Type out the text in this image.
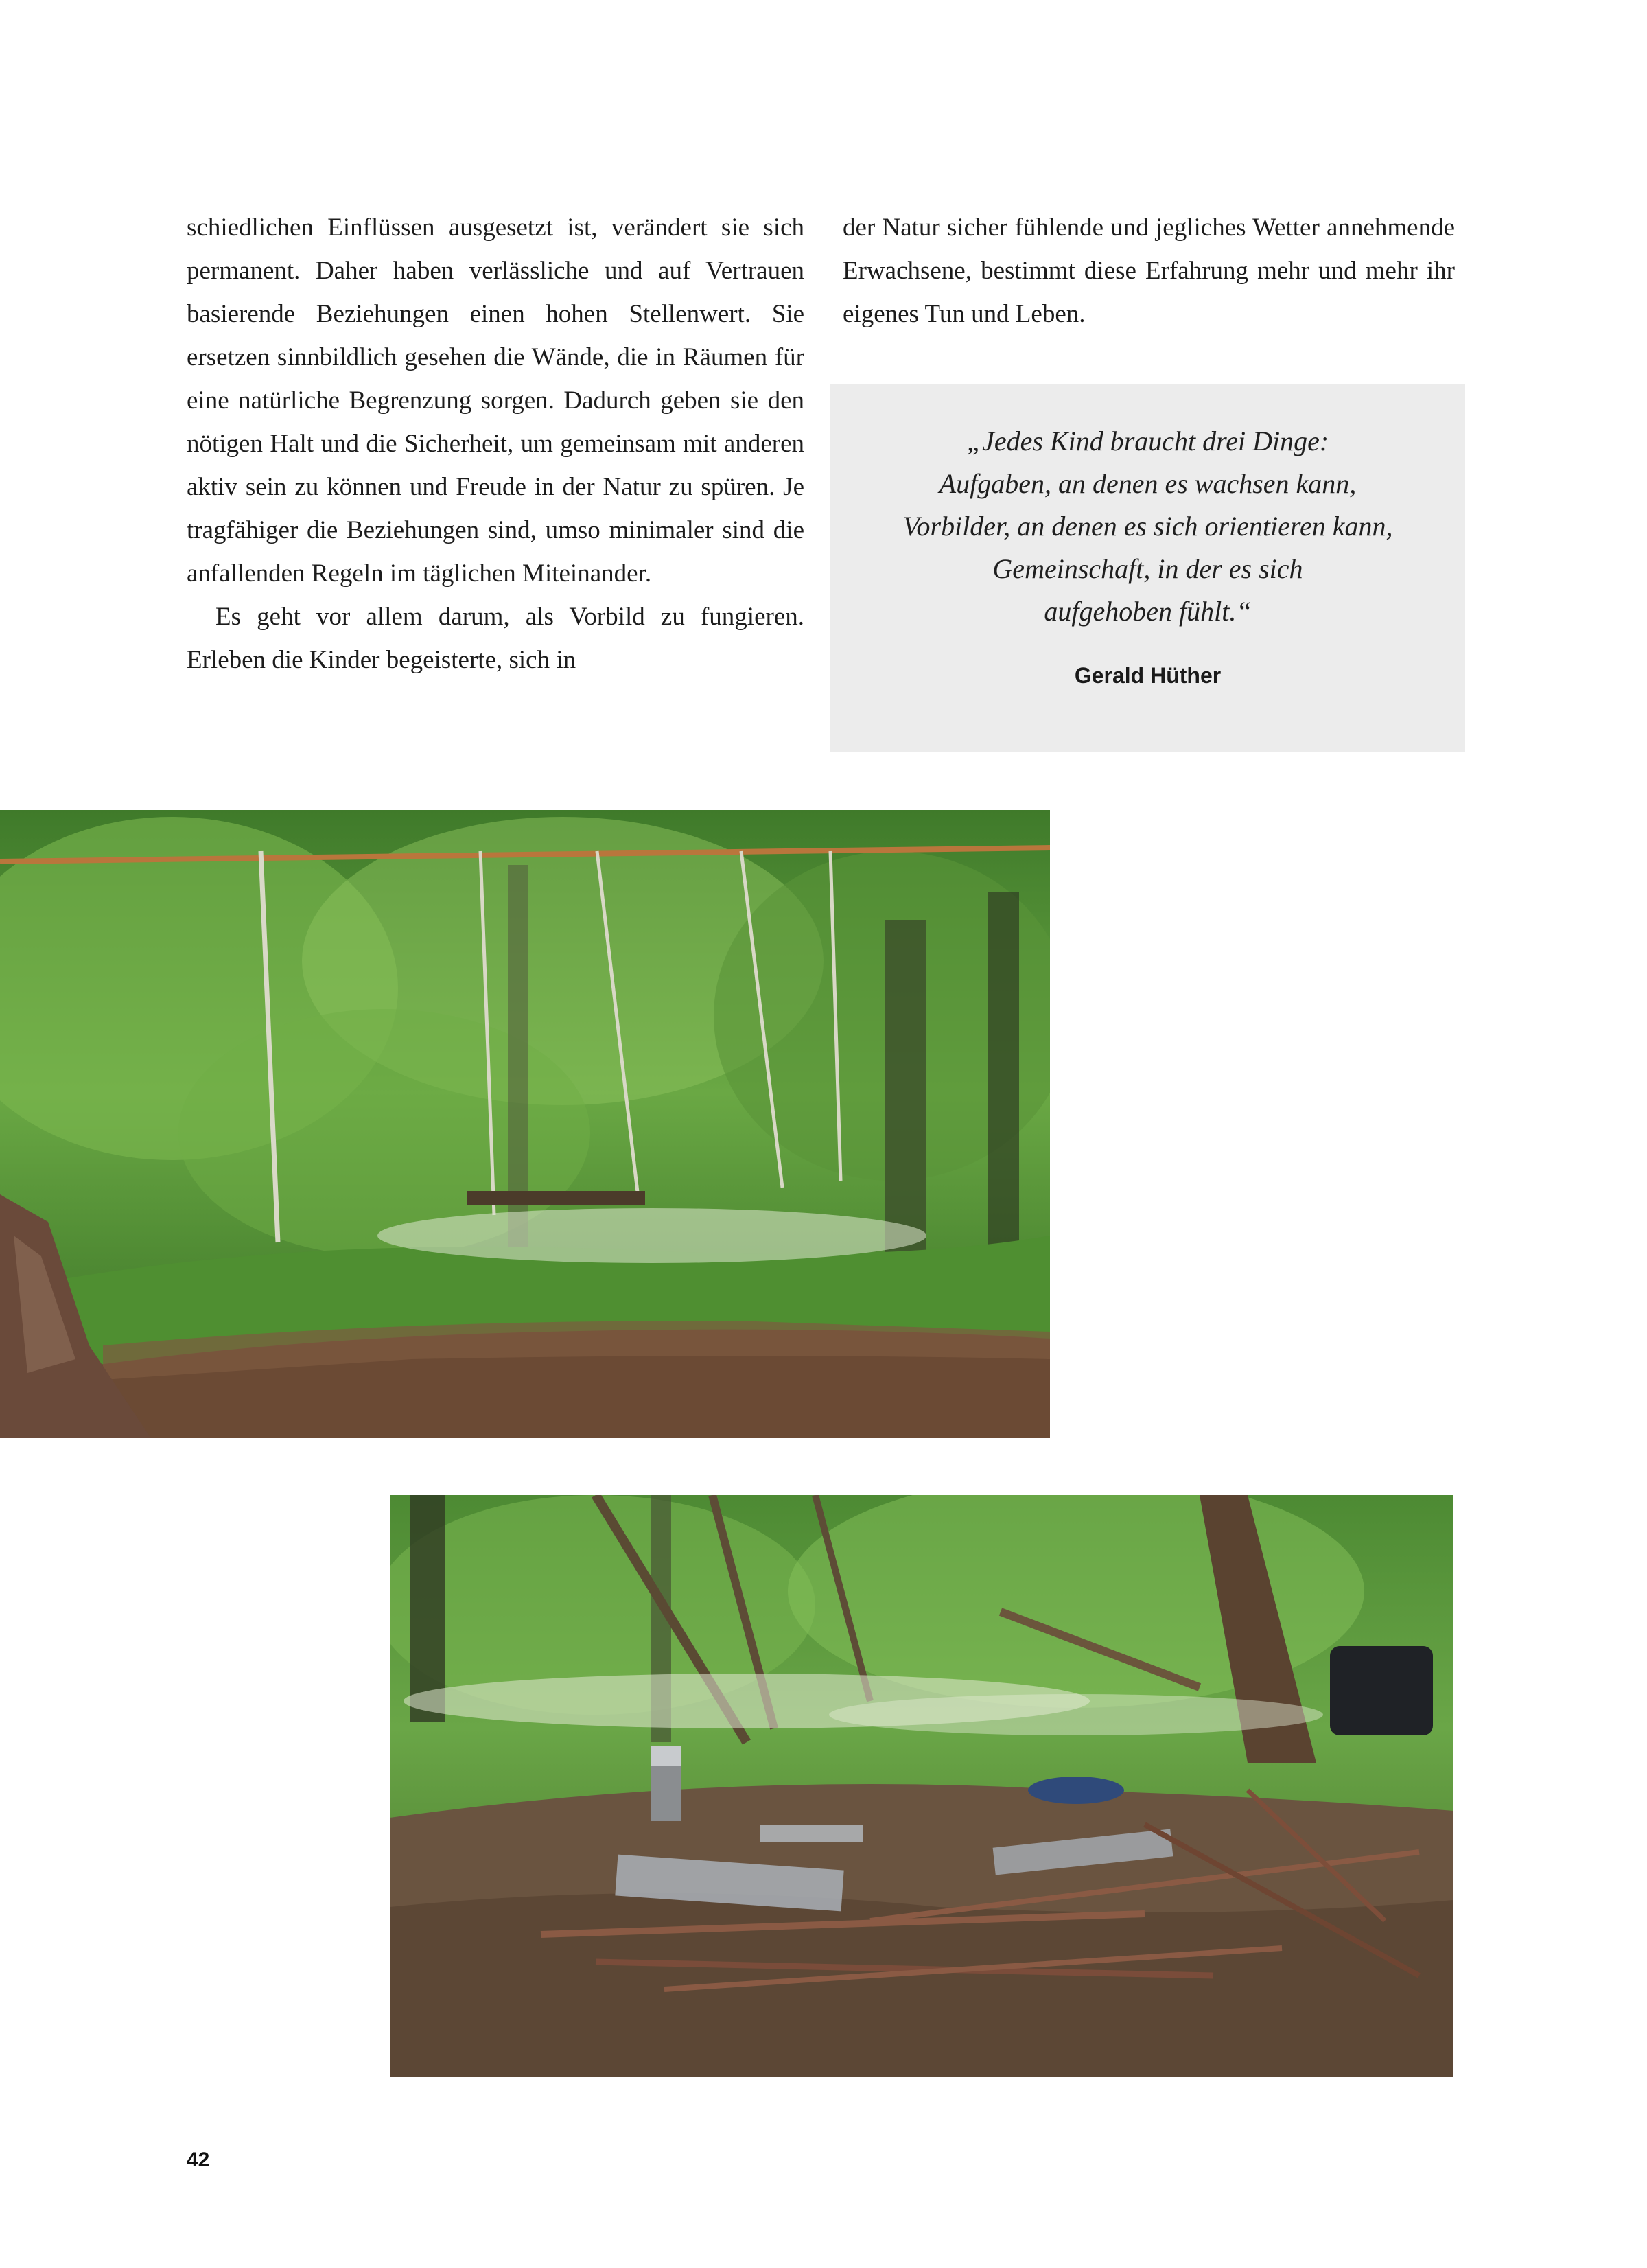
schiedlichen Einflüssen ausgesetzt ist, verändert sie sich permanent. Daher haben verlässliche und auf Vertrauen basierende Beziehungen einen hohen Stellenwert. Sie ersetzen sinnbildlich gesehen die Wände, die in Räumen für eine natürliche Begrenzung sorgen. Dadurch geben sie den nötigen Halt und die Sicherheit, um gemeinsam mit anderen aktiv sein zu können und Freude in der Natur zu spüren. Je tragfähiger die Beziehungen sind, umso minimaler sind die anfallenden Regeln im täglichen Miteinander.

Es geht vor allem darum, als Vorbild zu fungieren. Erleben die Kinder begeisterte, sich in

der Natur sicher fühlende und jegliches Wetter annehmende Erwachsene, bestimmt diese Erfahrung mehr und mehr ihr eigenes Tun und Leben.

„Jedes Kind braucht drei Dinge:
Aufgaben, an denen es wachsen kann,
Vorbilder, an denen es sich orientieren kann,
Gemeinschaft, in der es sich
aufgehoben fühlt.“

Gerald Hüther
42
